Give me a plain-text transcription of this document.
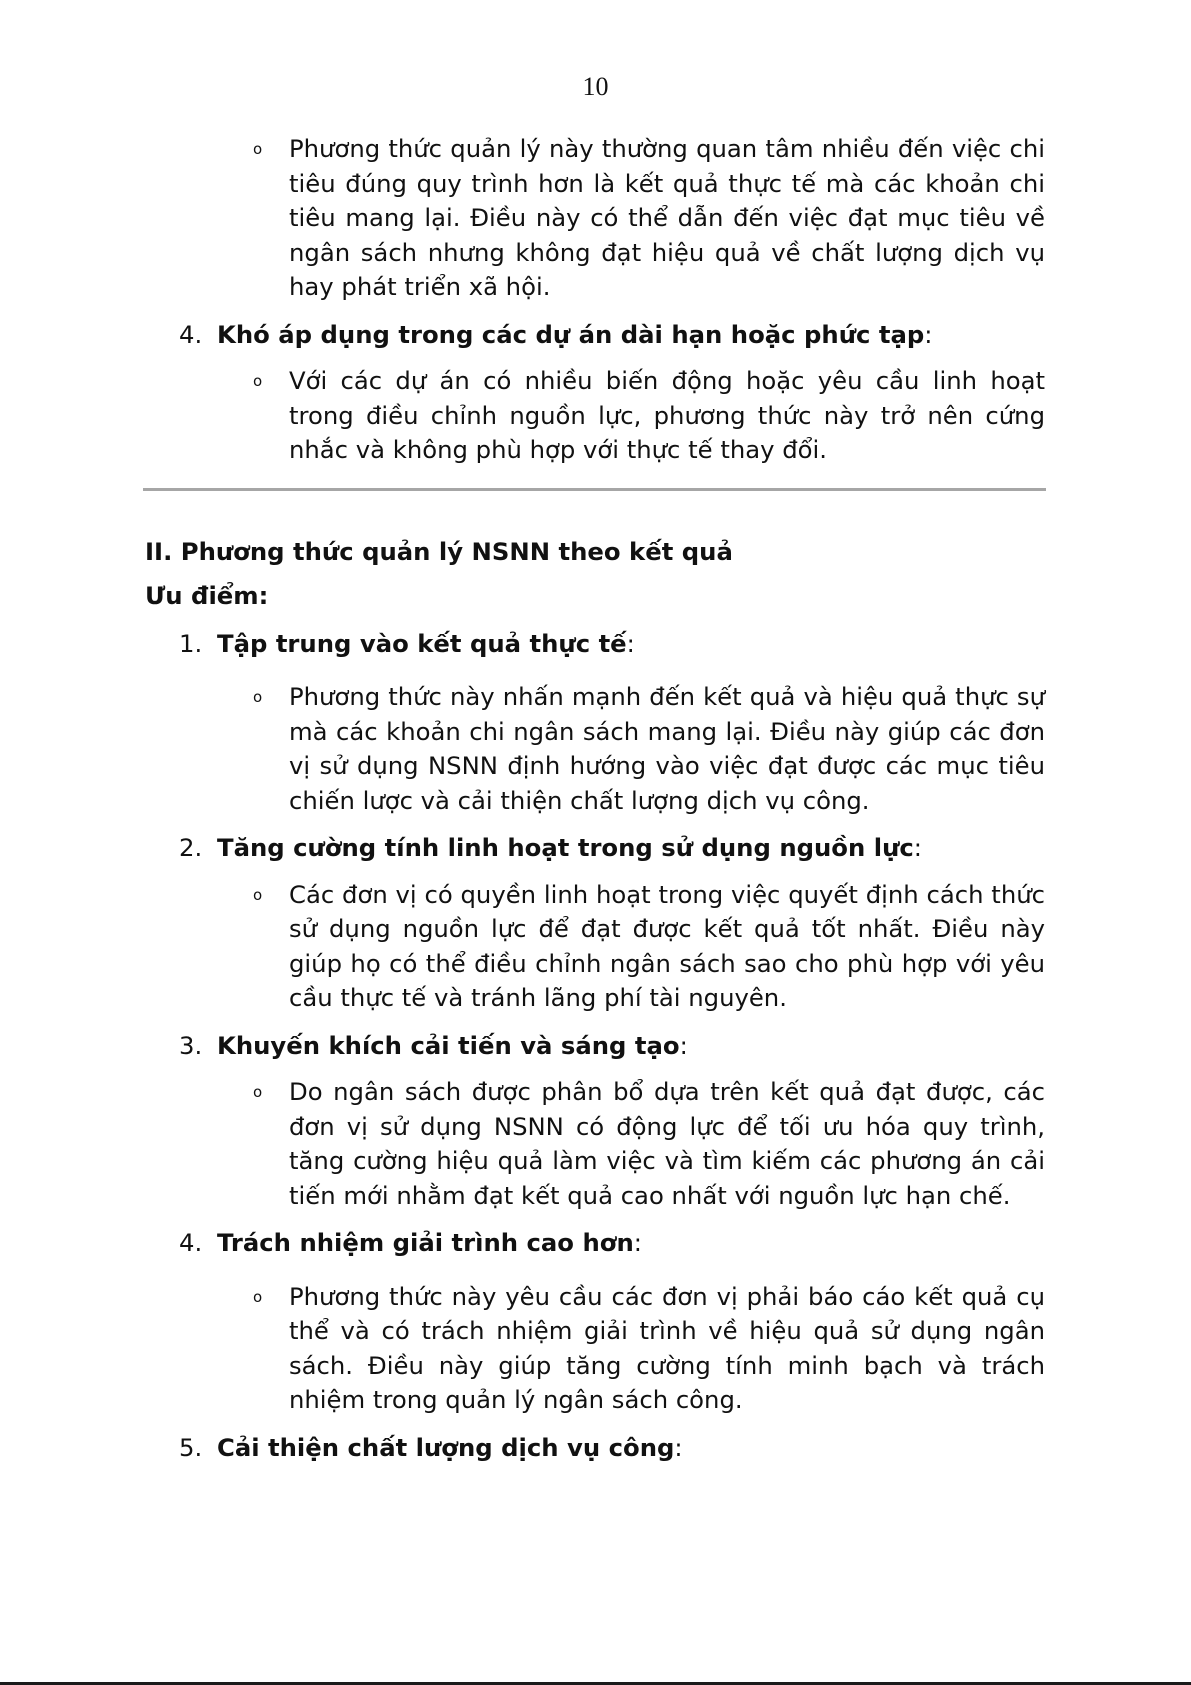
10
o Phương thức quản lý này thường quan tâm nhiều đến việc chi tiêu đúng quy trình hơn là kết quả thực tế mà các khoản chi tiêu mang lại. Điều này có thể dẫn đến việc đạt mục tiêu về ngân sách nhưng không đạt hiệu quả về chất lượng dịch vụ hay phát triển xã hội.
4. Khó áp dụng trong các dự án dài hạn hoặc phức tạp:
o Với các dự án có nhiều biến động hoặc yêu cầu linh hoạt trong điều chỉnh nguồn lực, phương thức này trở nên cứng nhắc và không phù hợp với thực tế thay đổi.
II. Phương thức quản lý NSNN theo kết quả
Ưu điểm:
1. Tập trung vào kết quả thực tế:
o Phương thức này nhấn mạnh đến kết quả và hiệu quả thực sự mà các khoản chi ngân sách mang lại. Điều này giúp các đơn vị sử dụng NSNN định hướng vào việc đạt được các mục tiêu chiến lược và cải thiện chất lượng dịch vụ công.
2. Tăng cường tính linh hoạt trong sử dụng nguồn lực:
o Các đơn vị có quyền linh hoạt trong việc quyết định cách thức sử dụng nguồn lực để đạt được kết quả tốt nhất. Điều này giúp họ có thể điều chỉnh ngân sách sao cho phù hợp với yêu cầu thực tế và tránh lãng phí tài nguyên.
3. Khuyến khích cải tiến và sáng tạo:
o Do ngân sách được phân bổ dựa trên kết quả đạt được, các đơn vị sử dụng NSNN có động lực để tối ưu hóa quy trình, tăng cường hiệu quả làm việc và tìm kiếm các phương án cải tiến mới nhằm đạt kết quả cao nhất với nguồn lực hạn chế.
4. Trách nhiệm giải trình cao hơn:
o Phương thức này yêu cầu các đơn vị phải báo cáo kết quả cụ thể và có trách nhiệm giải trình về hiệu quả sử dụng ngân sách. Điều này giúp tăng cường tính minh bạch và trách nhiệm trong quản lý ngân sách công.
5. Cải thiện chất lượng dịch vụ công:
